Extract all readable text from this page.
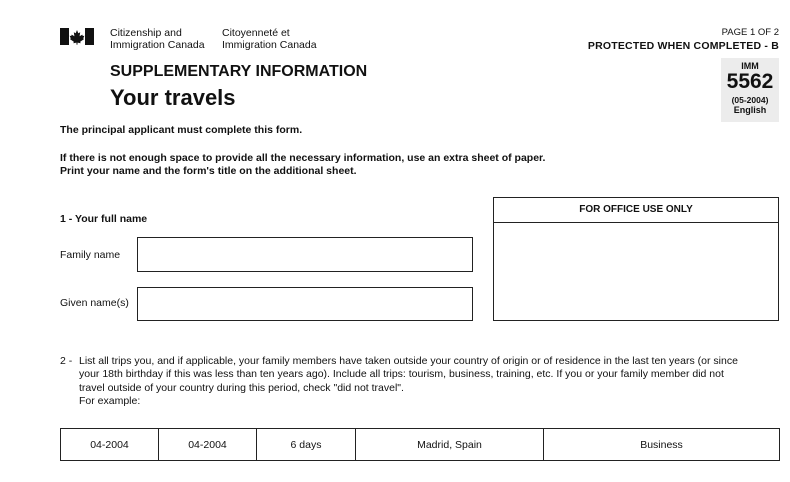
Citizenship and
Immigration Canada
Citoyenneté et
Immigration Canada
PAGE 1 OF 2
PROTECTED WHEN COMPLETED - B
IMM
5562
(05-2004)
English
SUPPLEMENTARY INFORMATION
Your travels
The principal applicant must complete this form.
If there is not enough space to provide all the necessary information, use an extra sheet of paper.
Print your name and the form's title on the additional sheet.
1 - Your full name
Family name
Given name(s)
FOR OFFICE USE ONLY
2 - List all trips you, and if applicable, your family members have taken outside your country of origin or of residence in the last ten years (or since
your 18th birthday if this was less than ten years ago). Include all trips: tourism, business, training, etc. If you or your family member did not
travel outside of your country during this period, check "did not travel".
For example:
04-2004	04-2004	6 days	Madrid, Spain	Business
